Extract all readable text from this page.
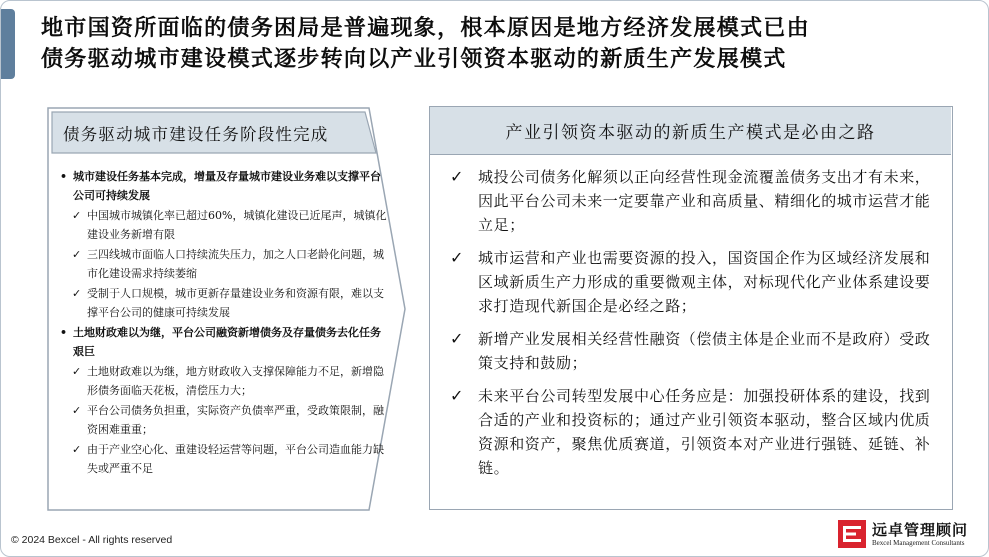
地市国资所面临的债务困局是普遍现象，根本原因是地方经济发展模式已由
债务驱动城市建设模式逐步转向以产业引领资本驱动的新质生产发展模式
债务驱动城市建设任务阶段性完成
• 城市建设任务基本完成，增量及存量城市建设业务难以支撑平台公司可持续发展
✓ 中国城市城镇化率已超过60%，城镇化建设已近尾声，城镇化建设业务新增有限
✓ 三四线城市面临人口持续流失压力，加之人口老龄化问题，城市化建设需求持续萎缩
✓ 受制于人口规模，城市更新存量建设业务和资源有限，难以支撑平台公司的健康可持续发展
• 土地财政难以为继，平台公司融资新增债务及存量债务去化任务艰巨
✓ 土地财政难以为继，地方财政收入支撑保障能力不足，新增隐形债务面临天花板，清偿压力大；
✓ 平台公司债务负担重，实际资产负债率严重，受政策限制，融资困难重重；
✓ 由于产业空心化、重建设轻运营等问题，平台公司造血能力缺失或严重不足
产业引领资本驱动的新质生产模式是必由之路
✓ 城投公司债务化解须以正向经营性现金流覆盖债务支出才有未来，因此平台公司未来一定要靠产业和高质量、精细化的城市运营才能立足；
✓ 城市运营和产业也需要资源的投入，国资国企作为区域经济发展和区域新质生产力形成的重要微观主体，对标现代化产业体系建设要求打造现代新国企是必经之路；
✓ 新增产业发展相关经营性融资（偿债主体是企业而不是政府）受政策支持和鼓励；
✓ 未来平台公司转型发展中心任务应是：加强投研体系的建设，找到合适的产业和投资标的；通过产业引领资本驱动，整合区域内优质资源和资产，聚焦优质赛道，引领资本对产业进行强链、延链、补链。
© 2024 Bexcel - All rights reserved
远卓管理顾问
Bexcel Management Consultants
